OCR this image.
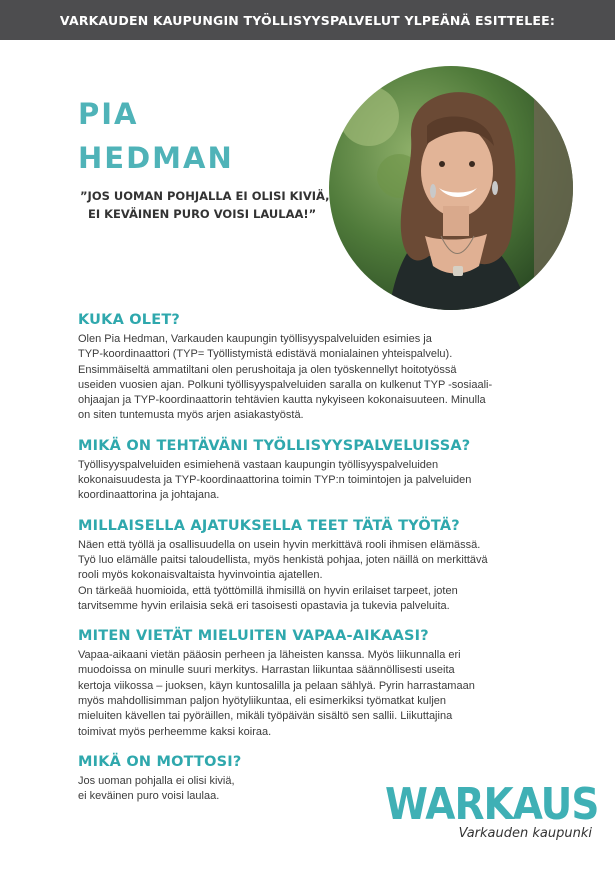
VARKAUDEN KAUPUNGIN TYÖLLISYYSPALVELUT YLPEÄNÄ ESITTELEE:
PIA
HEDMAN
”JOS UOMAN POHJALLA EI OLISI KIVIÄ,
EI KEVÄINEN PURO VOISI LAULAA!”
KUKA OLET?
Olen Pia Hedman, Varkauden kaupungin työllisyyspalveluiden esimies ja
TYP-koordinaattori (TYP= Työllistymistä edistävä monialainen yhteispalvelu).
Ensimmäiseltä ammatiltani olen perushoitaja ja olen työskennellyt hoitotyössä
useiden vuosien ajan. Polkuni työllisyyspalveluiden saralla on kulkenut TYP -sosiaali-
ohjaajan ja TYP-koordinaattorin tehtävien kautta nykyiseen kokonaisuuteen. Minulla
on siten tuntemusta myös arjen asiakastyöstä.
MIKÄ ON TEHTÄVÄNI TYÖLLISYYSPALVELUISSA?
Työllisyyspalveluiden esimiehenä vastaan kaupungin työllisyyspalveluiden
kokonaisuudesta ja TYP-koordinaattorina toimin TYP:n toimintojen ja palveluiden
koordinaattorina ja johtajana.
MILLAISELLA AJATUKSELLA TEET TÄTÄ TYÖTÄ?
Näen että työllä ja osallisuudella on usein hyvin merkittävä rooli ihmisen elämässä.
Työ luo elämälle paitsi taloudellista, myös henkistä pohjaa, joten näillä on merkittävä
rooli myös kokonaisvaltaista hyvinvointia ajatellen.
On tärkeää huomioida, että työttömillä ihmisillä on hyvin erilaiset tarpeet, joten
tarvitsemme hyvin erilaisia sekä eri tasoisesti opastavia ja tukevia palveluita.
MITEN VIETÄT MIELUITEN VAPAA-AIKAASI?
Vapaa-aikaani vietän pääosin perheen ja läheisten kanssa. Myös liikunnalla eri
muodoissa on minulle suuri merkitys. Harrastan liikuntaa säännöllisesti useita
kertoja viikossa – juoksen, käyn kuntosalilla ja pelaan sählyä. Pyrin harrastamaan
myös mahdollisimman paljon hyötyliikuntaa, eli esimerkiksi työmatkat kuljen
mieluiten kävellen tai pyöräillen, mikäli työpäivän sisältö sen sallii. Liikuttajina
toimivat myös perheemme kaksi koiraa.
MIKÄ ON MOTTOSI?
Jos uoman pohjalla ei olisi kiviä,
ei keväinen puro voisi laulaa.	WARKAUS
Varkauden kaupunki
